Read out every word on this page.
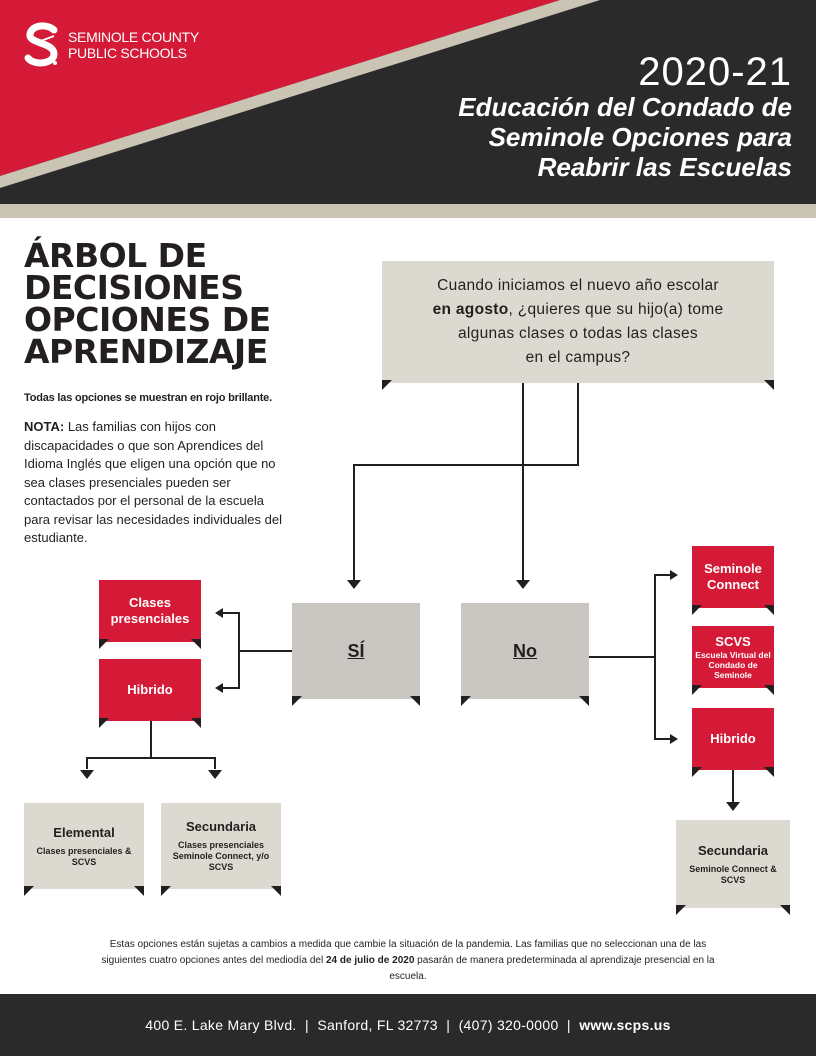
SEMINOLE COUNTY
PUBLIC SCHOOLS	2020-21
Educación del Condado de
Seminole Opciones para
Reabrir las Escuelas
ÁRBOL DE
DECISIONES
OPCIONES DE
APRENDIZAJE
Todas las opciones se muestran en rojo brillante.
NOTA: Las familias con hijos con discapacidades o que son Aprendices del Idioma Inglés que eligen una opción que no sea clases presenciales pueden ser contactados por el personal de la escuela para revisar las necesidades individuales del estudiante.
Cuando iniciamos el nuevo año escolar
en agosto, ¿quieres que su hijo(a) tome
algunas clases o todas las clases
en el campus?
SÍ	No
Clases presenciales
Hibrido
Elemental
Clases presenciales & SCVS
Secundaria
Clases presenciales Seminole Connect, y/o SCVS
Seminole Connect
SCVS
Escuela Virtual del Condado de Seminole
Hibrido
Secundaria
Seminole Connect & SCVS
Estas opciones están sujetas a cambios a medida que cambie la situación de la pandemia. Las familias que no seleccionan una de las siguientes cuatro opciones antes del mediodía del 24 de julio de 2020 pasarán de manera predeterminada al aprendizaje presencial en la escuela.
400 E. Lake Mary Blvd. | Sanford, FL 32773 | (407) 320-0000 | www.scps.us
